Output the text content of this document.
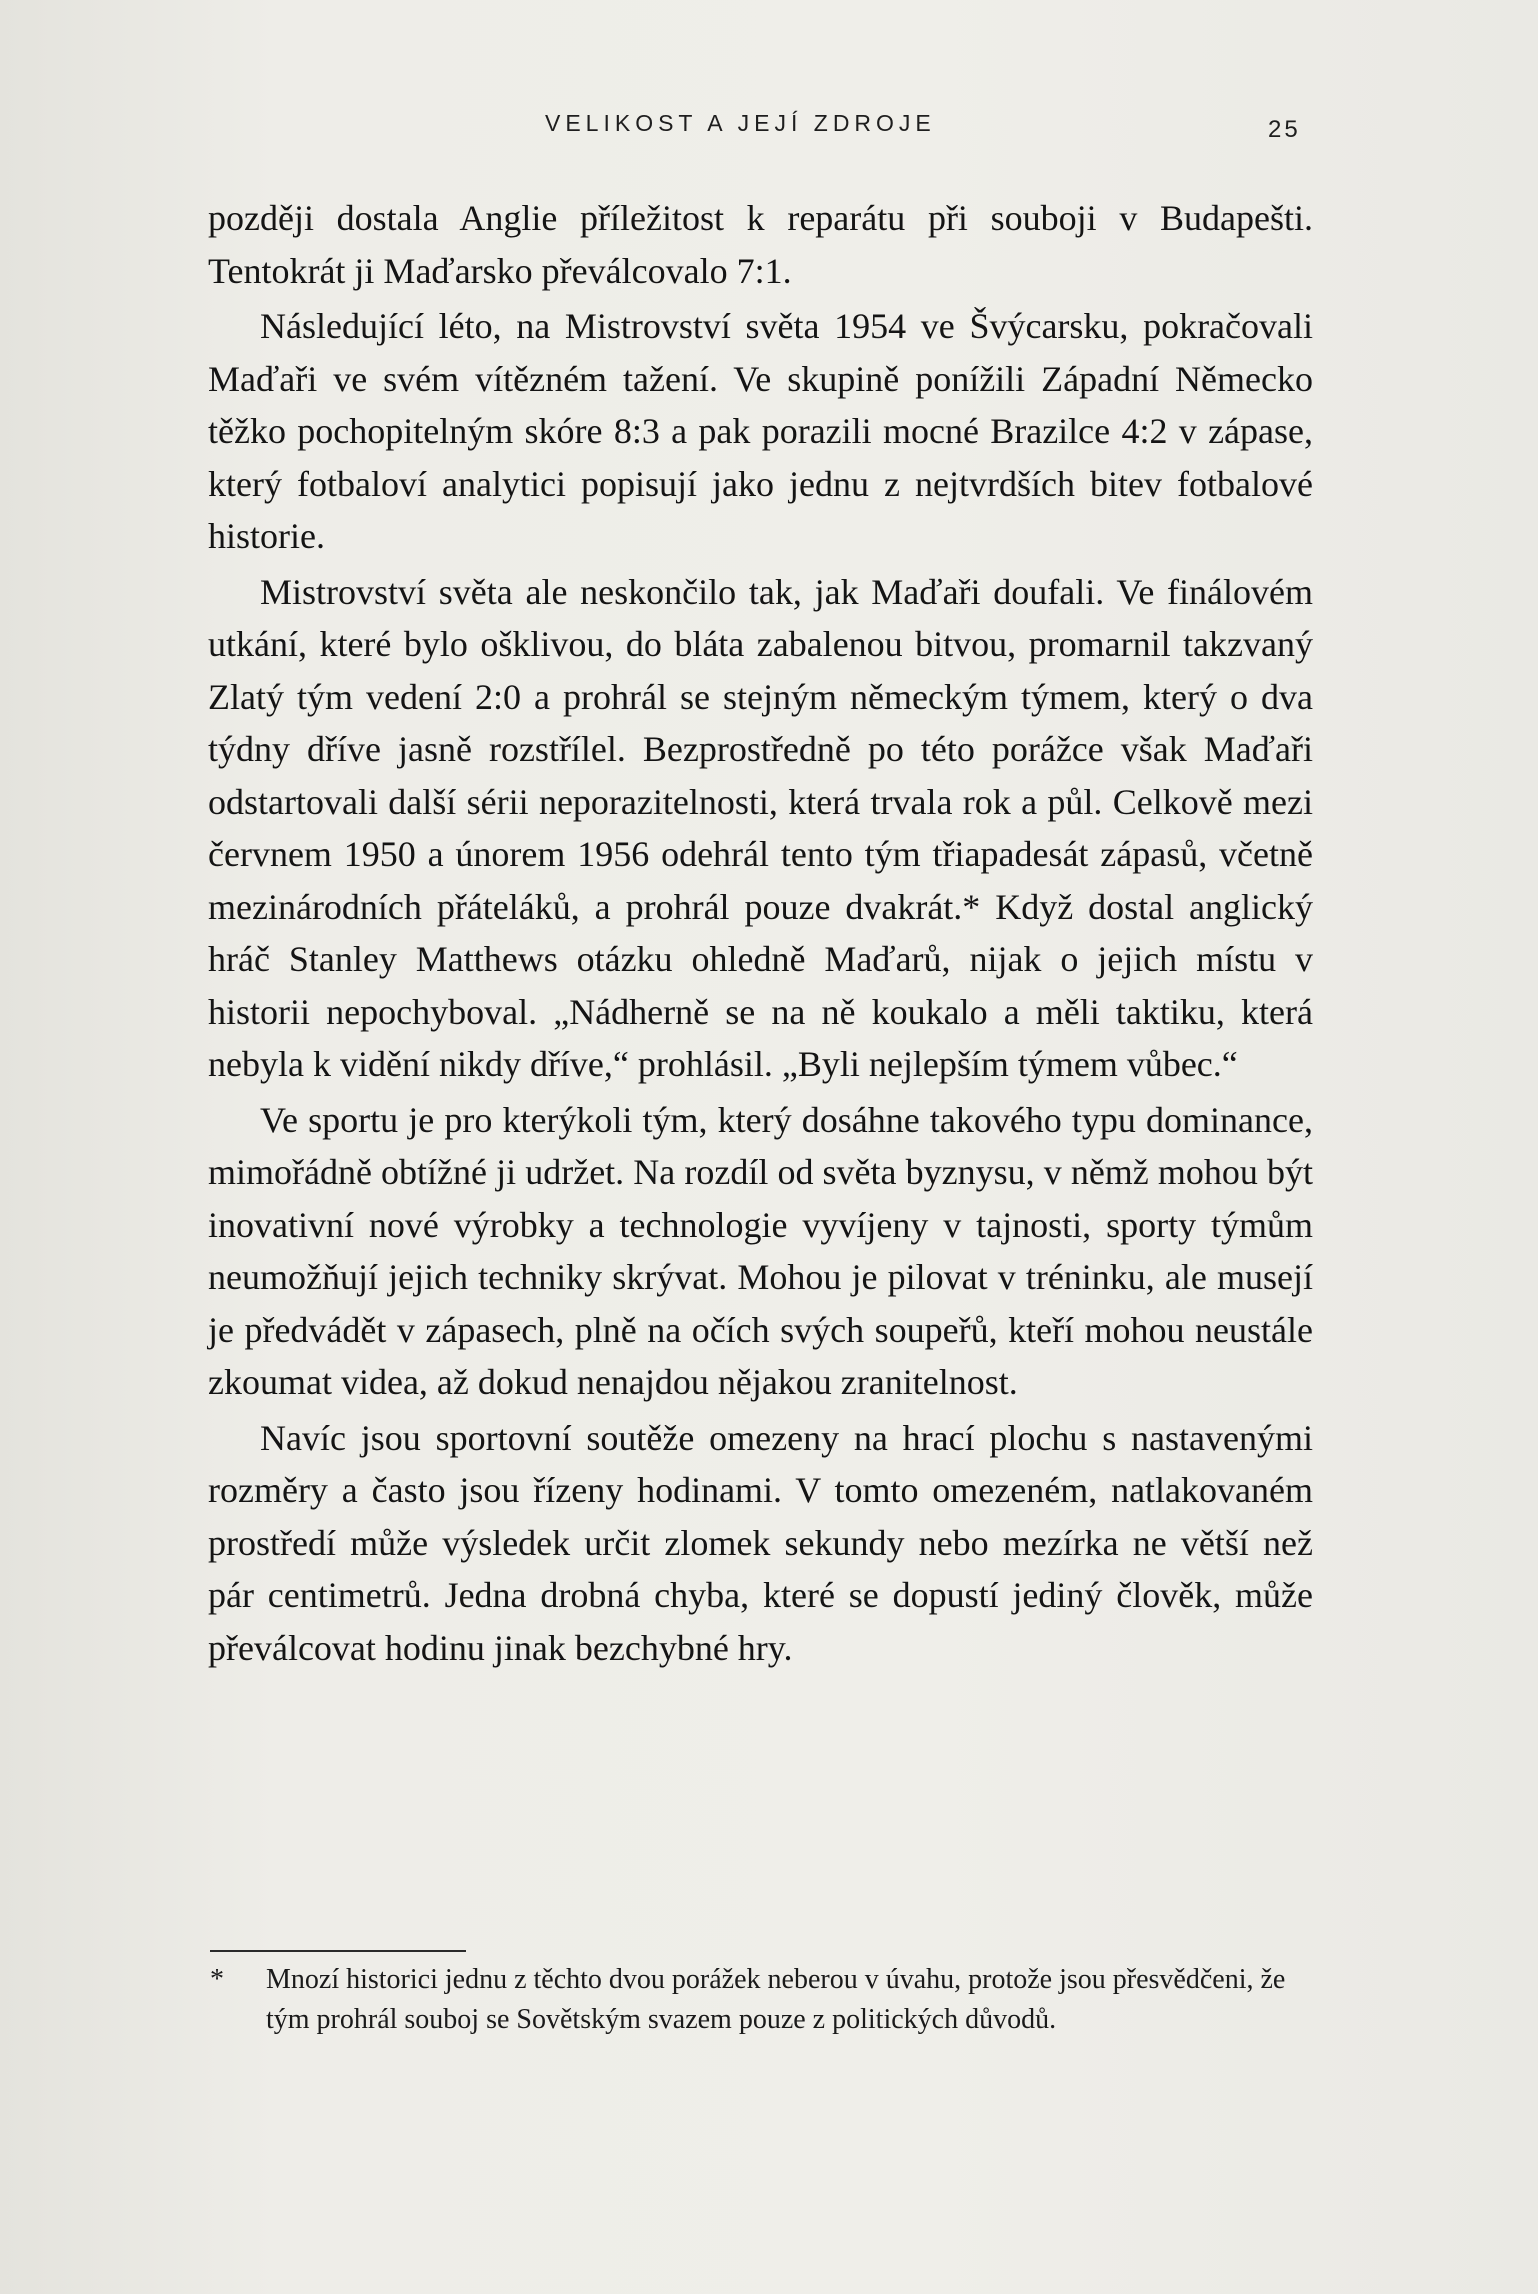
VELIKOST A JEJÍ ZDROJE	25

později dostala Anglie příležitost k reparátu při souboji v Budapešti. Tentokrát ji Maďarsko převálcovalo 7:1.

Následující léto, na Mistrovství světa 1954 ve Švýcarsku, pokračovali Maďaři ve svém vítězném tažení. Ve skupině ponížili Západní Německo těžko pochopitelným skóre 8:3 a pak porazili mocné Brazilce 4:2 v zápase, který fotbaloví analytici popisují jako jednu z nejtvrdších bitev fotbalové historie.

Mistrovství světa ale neskončilo tak, jak Maďaři doufali. Ve finálovém utkání, které bylo ošklivou, do bláta zabalenou bitvou, promarnil takzvaný Zlatý tým vedení 2:0 a prohrál se stejným německým týmem, který o dva týdny dříve jasně rozstřílel. Bezprostředně po této porážce však Maďaři odstartovali další sérii neporazitelnosti, která trvala rok a půl. Celkově mezi červnem 1950 a únorem 1956 odehrál tento tým třiapadesát zápasů, včetně mezinárodních přáteláků, a prohrál pouze dvakrát.* Když dostal anglický hráč Stanley Matthews otázku ohledně Maďarů, nijak o jejich místu v historii nepochyboval. „Nádherně se na ně koukalo a měli taktiku, která nebyla k vidění nikdy dříve,“ prohlásil. „Byli nejlepším týmem vůbec.“

Ve sportu je pro kterýkoli tým, který dosáhne takového typu dominance, mimořádně obtížné ji udržet. Na rozdíl od světa byznysu, v němž mohou být inovativní nové výrobky a technologie vyvíjeny v tajnosti, sporty týmům neumožňují jejich techniky skrývat. Mohou je pilovat v tréninku, ale musejí je předvádět v zápasech, plně na očích svých soupeřů, kteří mohou neustále zkoumat videa, až dokud nenajdou nějakou zranitelnost.

Navíc jsou sportovní soutěže omezeny na hrací plochu s nastavenými rozměry a často jsou řízeny hodinami. V tomto omezeném, natlakovaném prostředí může výsledek určit zlomek sekundy nebo mezírka ne větší než pár centimetrů. Jedna drobná chyba, které se dopustí jediný člověk, může převálcovat hodinu jinak bezchybné hry.

* Mnozí historici jednu z těchto dvou porážek neberou v úvahu, protože jsou přesvědčeni, že tým prohrál souboj se Sovětským svazem pouze z politických důvodů.
